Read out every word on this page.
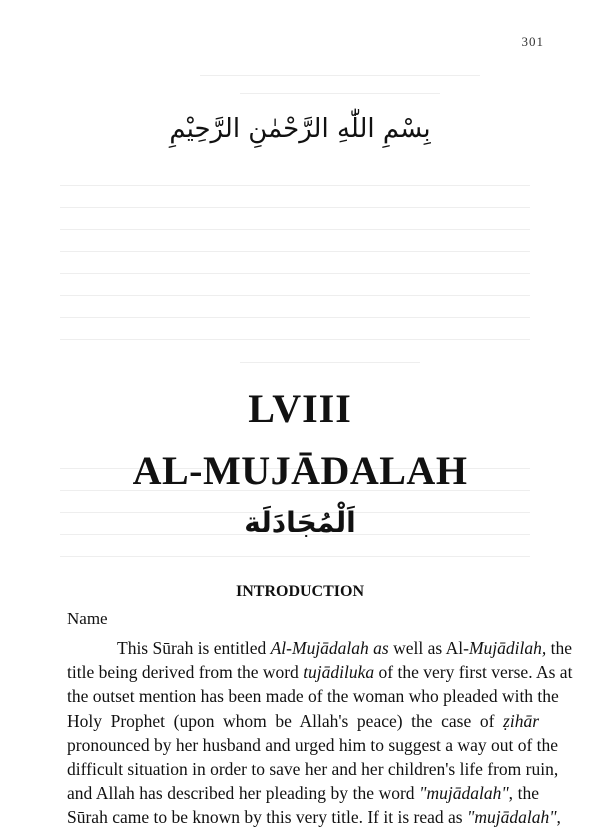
301
بِسْمِ اللّٰهِ الرَّحْمٰنِ الرَّحِيْمِ
LVIII
AL-MUJĀDALAH
اَلْمُجَادَلَة
INTRODUCTION
Name
This Sūrah is entitled Al-Mujādalah as well as Al-Mujādilah, the
title being derived from the word tujādiluka of the very first verse. As at
the outset mention has been made of the woman who pleaded with the
Holy Prophet (upon whom be Allah's peace) the case of ẓihār
pronounced by her husband and urged him to suggest a way out of the
difficult situation in order to save her and her children's life from ruin,
and Allah has described her pleading by the word "mujādalah", the
Sūrah came to be known by this very title. If it is read as "mujādalah",
